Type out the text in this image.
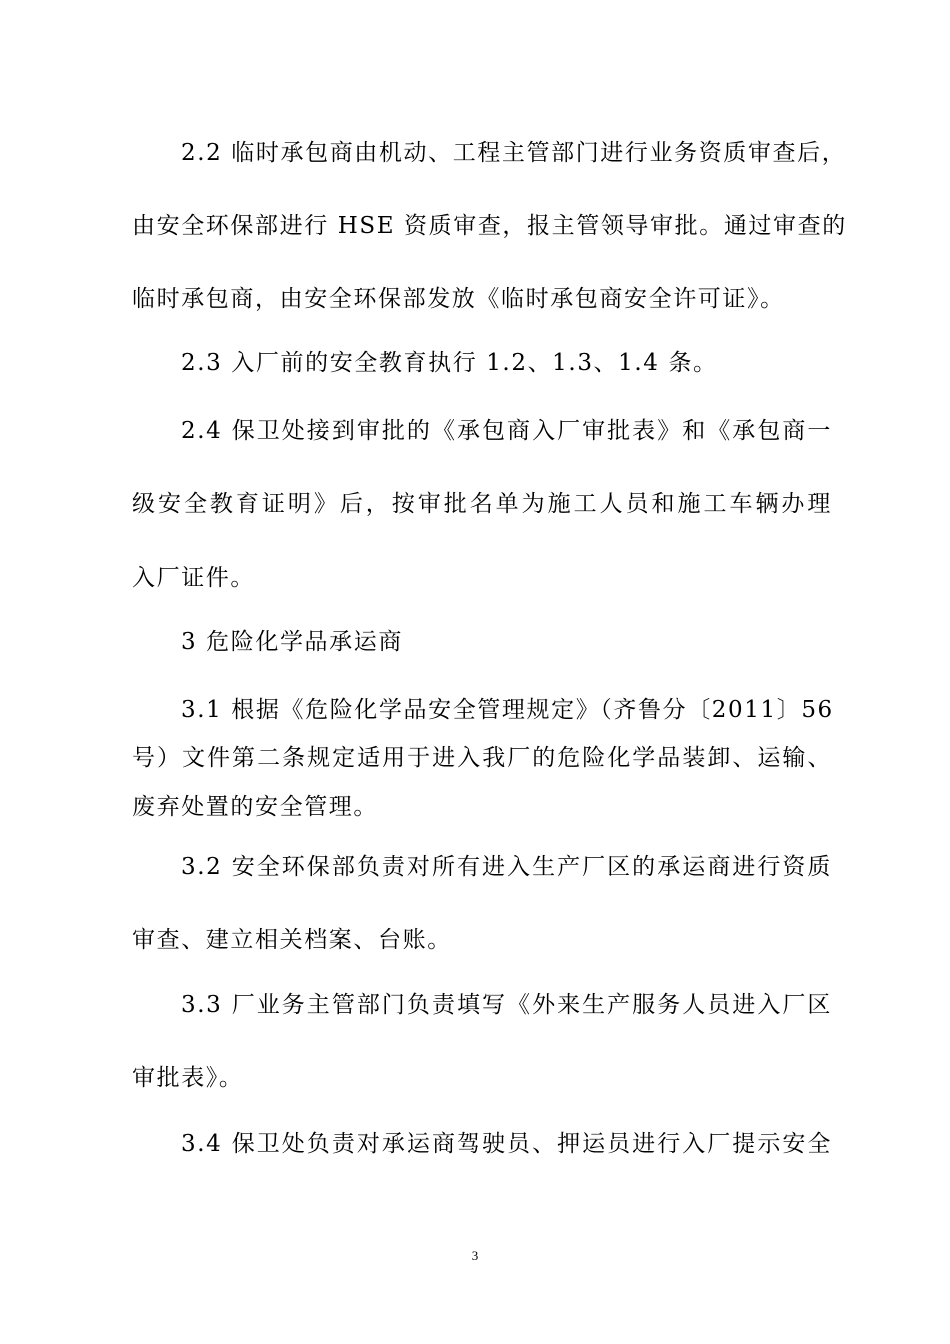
2.2 临时承包商由机动、工程主管部门进行业务资质审查后，
由安全环保部进行 HSE 资质审查，报主管领导审批。通过审查的
临时承包商，由安全环保部发放《临时承包商安全许可证》。
2.3 入厂前的安全教育执行 1.2、1.3、1.4 条。
2.4 保卫处接到审批的《承包商入厂审批表》和《承包商一
级安全教育证明》后，按审批名单为施工人员和施工车辆办理
入厂证件。
3 危险化学品承运商
3.1 根据《危险化学品安全管理规定》（齐鲁分〔2011〕56
号）文件第二条规定适用于进入我厂的危险化学品装卸、运输、
废弃处置的安全管理。
3.2 安全环保部负责对所有进入生产厂区的承运商进行资质
审查、建立相关档案、台账。
3.3 厂业务主管部门负责填写《外来生产服务人员进入厂区
审批表》。
3.4 保卫处负责对承运商驾驶员、押运员进行入厂提示安全
3
